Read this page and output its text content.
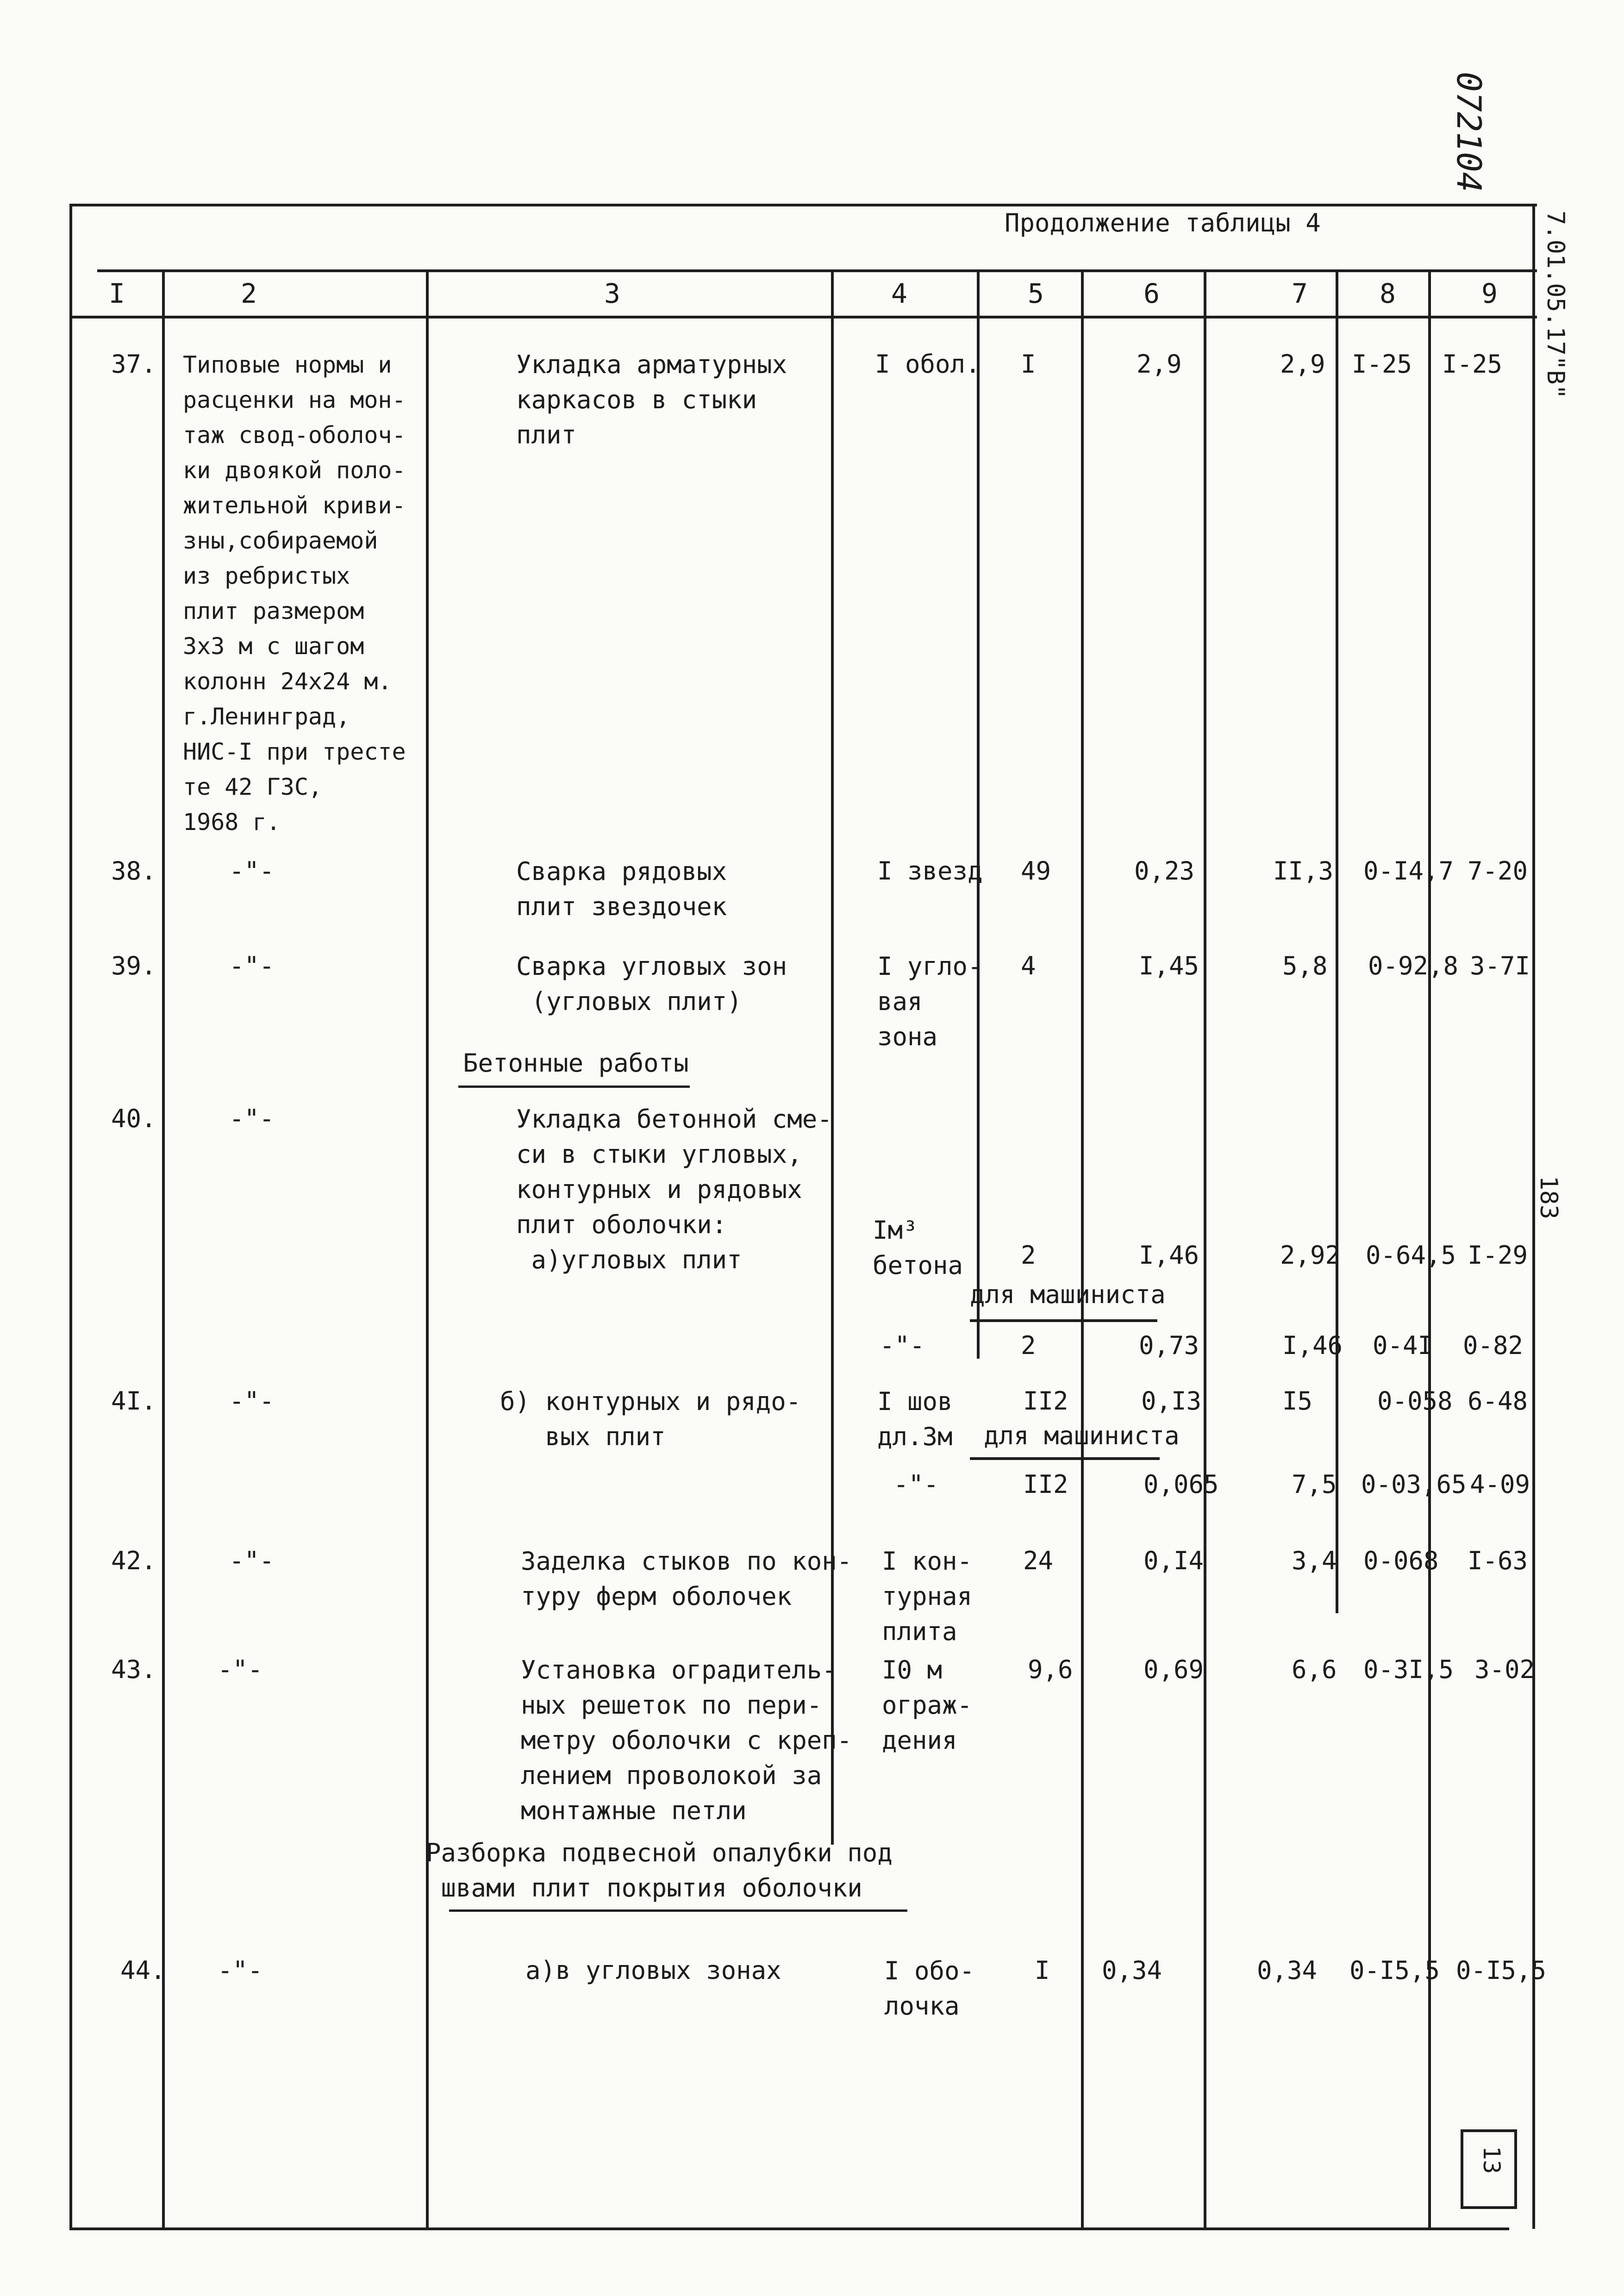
072104
7.01.05.17"В"
183
13
Продолжение таблицы 4
I	2	3	4	5	6	7	8	9
37. Типовые нормы и
расценки на мон-
таж свод-оболоч-
ки двоякой поло-
жительной криви-
зны,собираемой
из ребристых
плит размером
3х3 м с шагом
колонн 24х24 м.
г.Ленинград,
НИС-I при тресте
те 42 ГЗС,
1968 г.
Укладка арматурных
каркасов в стыки
плит
I обол. I	2,9	2,9 I-25 I-25
38.	-"-	Сварка рядовых
плит звездочек
I звезд 49	0,23	II,3 0-I4,7 7-20
39.	-"-	Сварка угловых зон
(угловых плит)
I угло-
вая
зона
4	I,45	5,8 0-92,8 3-7I
Бетонные работы
40.	-"-	Укладка бетонной сме-
си в стыки угловых,
контурных и рядовых
плит оболочки:
а)угловых плит
Iм³
бетона 2	I,46	2,92 0-64,5 I-29
для машиниста
-"-	2	0,73	I,46 0-4I 0-82
4I.	-"-	б) контурных и рядо-
вых плит
I шов
дл.3м
II2	0,I3	I5	0-058 6-48
для машиниста
-"-	II2	0,065	7,5 0-03,65 4-09
42.	-"-	Заделка стыков по кон-
туру ферм оболочек
I кон-
турная
плита
24	0,I4	3,4 0-068 I-63
43. -"-	Установка оградитель-
ных решеток по пери-
метру оболочки с креп-
лением проволокой за
монтажные петли
I0 м
ограж-
дения
9,6	0,69	6,6 0-3I,5 3-02
Разборка подвесной опалубки под
швами плит покрытия оболочки
44. -"-	а)в угловых зонах	I обо-
лочка
I 0,34	0,34 0-I5,5 0-I5,5
